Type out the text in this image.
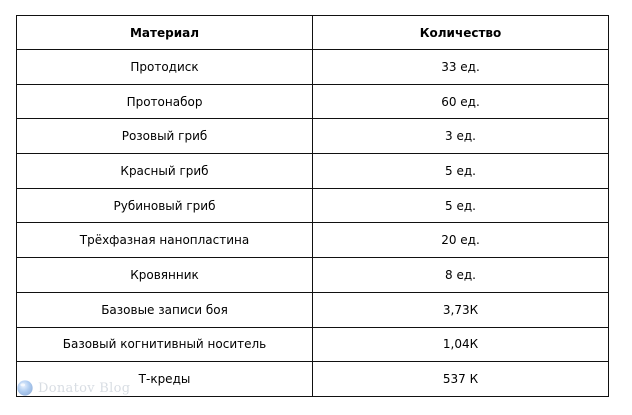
Материал	Количество
Протодиск	33 ед.
Протонабор	60 ед.
Розовый гриб	3 ед.
Красный гриб	5 ед.
Рубиновый гриб	5 ед.
Трёхфазная нанопластина	20 ед.
Кровянник	8 ед.
Базовые записи боя	3,73К
Базовый когнитивный носитель	1,04К
Т-креды	537 К
Donatov Blog
